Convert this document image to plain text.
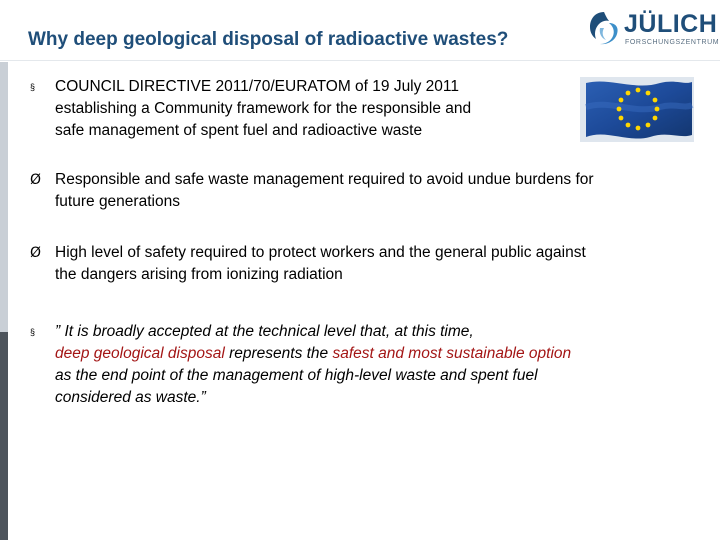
Why deep geological disposal of radioactive wastes?
JÜLICH
FORSCHUNGSZENTRUM
§	COUNCIL DIRECTIVE 2011/70/EURATOM of 19 July 2011
establishing a Community framework for the responsible and
safe management of spent fuel and radioactive waste
Ø Responsible and safe waste management required to avoid undue burdens for
future generations
Ø High level of safety required to protect workers and the general public against
the dangers arising from ionizing radiation
§	” It is broadly accepted at the technical level that, at this time,
deep geological disposal represents the safest and most sustainable option
as the end point of the management of high-level waste and spent fuel
considered as waste.”
